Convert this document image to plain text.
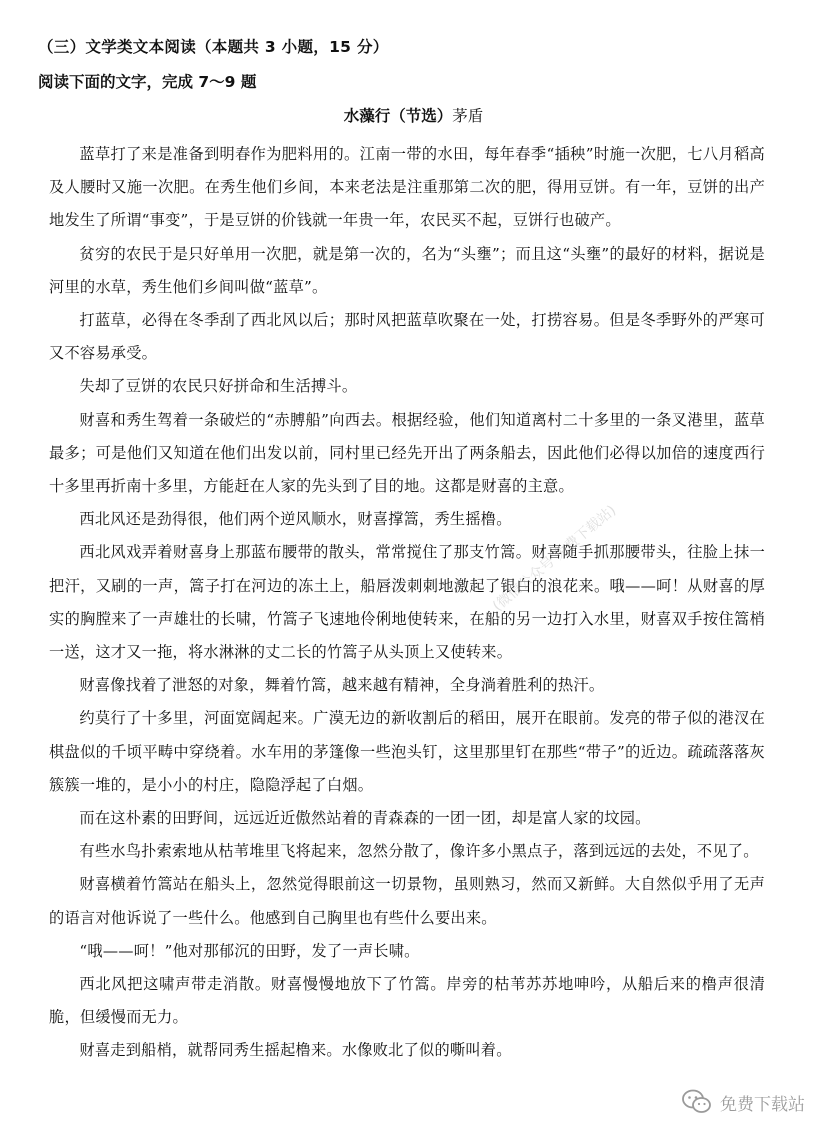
（三）文学类文本阅读（本题共 3 小题，15 分）
阅读下面的文字，完成 7～9 题
水藻行（节选）茅盾

蓝草打了来是准备到明春作为肥料用的。江南一带的水田，每年春季“插秧”时施一次肥，七八月稻高及人腰时又施一次肥。在秀生他们乡间，本来老法是注重那第二次的肥，得用豆饼。有一年，豆饼的出产地发生了所谓“事变”，于是豆饼的价钱就一年贵一年，农民买不起，豆饼行也破产。

贫穷的农民于是只好单用一次肥，就是第一次的，名为“头壅”；而且这“头壅”的最好的材料，据说是河里的水草，秀生他们乡间叫做“蓝草”。

打蓝草，必得在冬季刮了西北风以后；那时风把蓝草吹聚在一处，打捞容易。但是冬季野外的严寒可又不容易承受。

失却了豆饼的农民只好拼命和生活搏斗。

财喜和秀生驾着一条破烂的“赤膊船”向西去。根据经验，他们知道离村二十多里的一条叉港里，蓝草最多；可是他们又知道在他们出发以前，同村里已经先开出了两条船去，因此他们必得以加倍的速度西行十多里再折南十多里，方能赶在人家的先头到了目的地。这都是财喜的主意。

西北风还是劲得很，他们两个逆风顺水，财喜撑篙，秀生摇橹。

西北风戏弄着财喜身上那蓝布腰带的散头，常常搅住了那支竹篙。财喜随手抓那腰带头，往脸上抹一把汗，又刷的一声，篙子打在河边的冻土上，船唇泼刺刺地激起了银白的浪花来。哦——呵！从财喜的厚实的胸膛来了一声雄壮的长啸，竹篙子飞速地伶俐地使转来，在船的另一边打入水里，财喜双手按住篙梢一送，这才又一拖，将水淋淋的丈二长的竹篙子从头顶上又使转来。

财喜像找着了泄怒的对象，舞着竹篙，越来越有精神，全身淌着胜利的热汗。

约莫行了十多里，河面宽阔起来。广漠无边的新收割后的稻田，展开在眼前。发亮的带子似的港汊在棋盘似的千顷平畴中穿绕着。水车用的茅篷像一些泡头钉，这里那里钉在那些“带子”的近边。疏疏落落灰簇簇一堆的，是小小的村庄，隐隐浮起了白烟。

而在这朴素的田野间，远远近近傲然站着的青森森的一团一团，却是富人家的坟园。

有些水鸟扑索索地从枯苇堆里飞将起来，忽然分散了，像许多小黑点子，落到远远的去处，不见了。

财喜横着竹篙站在船头上，忽然觉得眼前这一切景物，虽则熟习，然而又新鲜。大自然似乎用了无声的语言对他诉说了一些什么。他感到自己胸里也有些什么要出来。

“哦——呵！”他对那郁沉的田野，发了一声长啸。

西北风把这啸声带走消散。财喜慢慢地放下了竹篙。岸旁的枯苇苏苏地呻吟，从船后来的橹声很清脆，但缓慢而无力。

财喜走到船梢，就帮同秀生摇起橹来。水像败北了似的嘶叫着。

(微信公众号 免费下载站)
免费下载站
